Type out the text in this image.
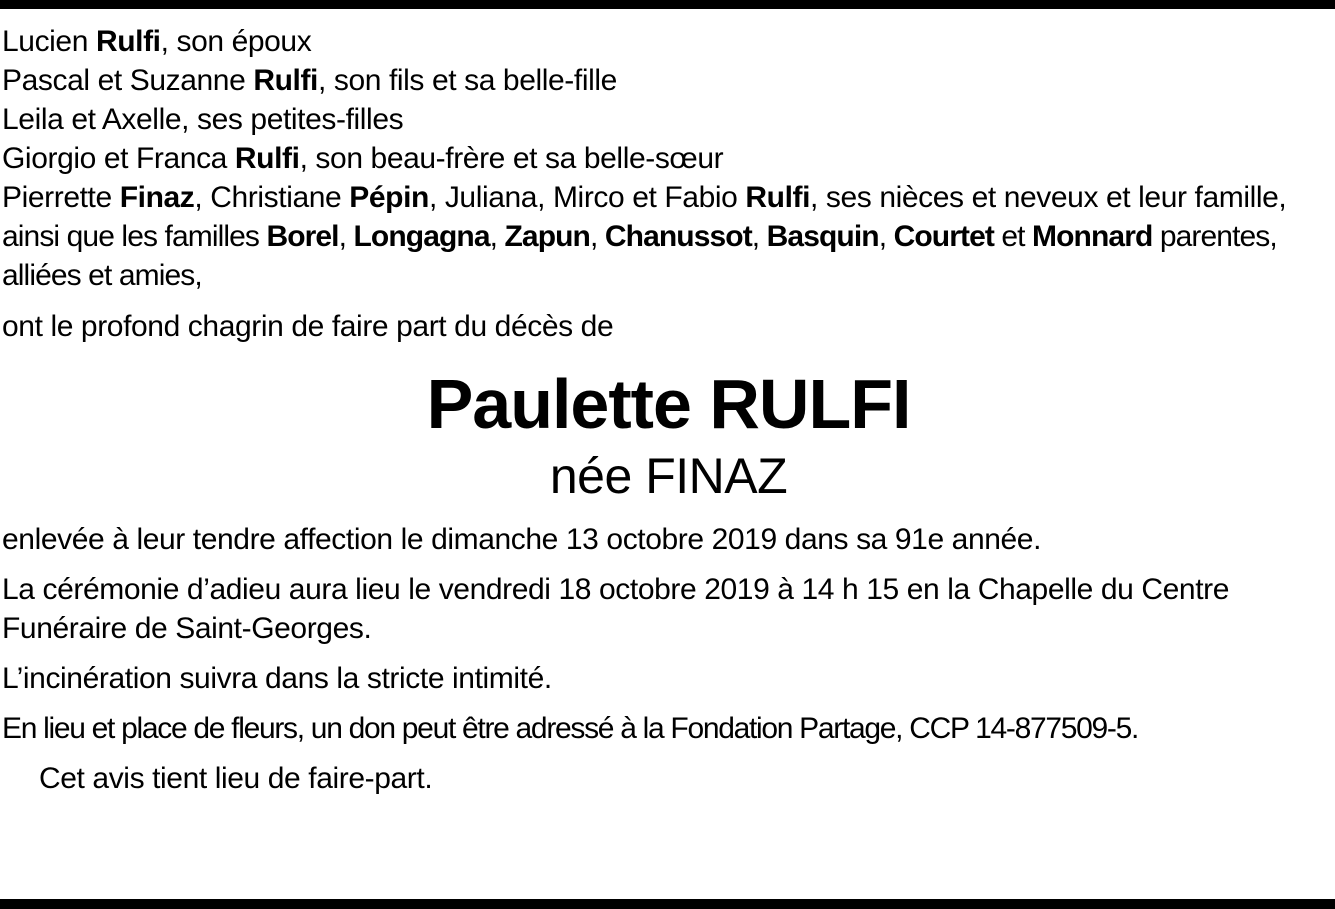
Lucien Rulfi, son époux
Pascal et Suzanne Rulfi, son fils et sa belle-fille
Leila et Axelle, ses petites-filles
Giorgio et Franca Rulfi, son beau-frère et sa belle-sœur
Pierrette Finaz, Christiane Pépin, Juliana, Mirco et Fabio Rulfi, ses nièces et neveux et leur famille,
ainsi que les familles Borel, Longagna, Zapun, Chanussot, Basquin, Courtet et Monnard parentes, alliées et amies,
ont le profond chagrin de faire part du décès de
Paulette RULFI
née FINAZ
enlevée à leur tendre affection le dimanche 13 octobre 2019 dans sa 91e année.
La cérémonie d’adieu aura lieu le vendredi 18 octobre 2019 à 14 h 15 en la Chapelle du Centre Funéraire de Saint-Georges.
L’incinération suivra dans la stricte intimité.
En lieu et place de fleurs, un don peut être adressé à la Fondation Partage, CCP 14-877509-5.
Cet avis tient lieu de faire-part.
